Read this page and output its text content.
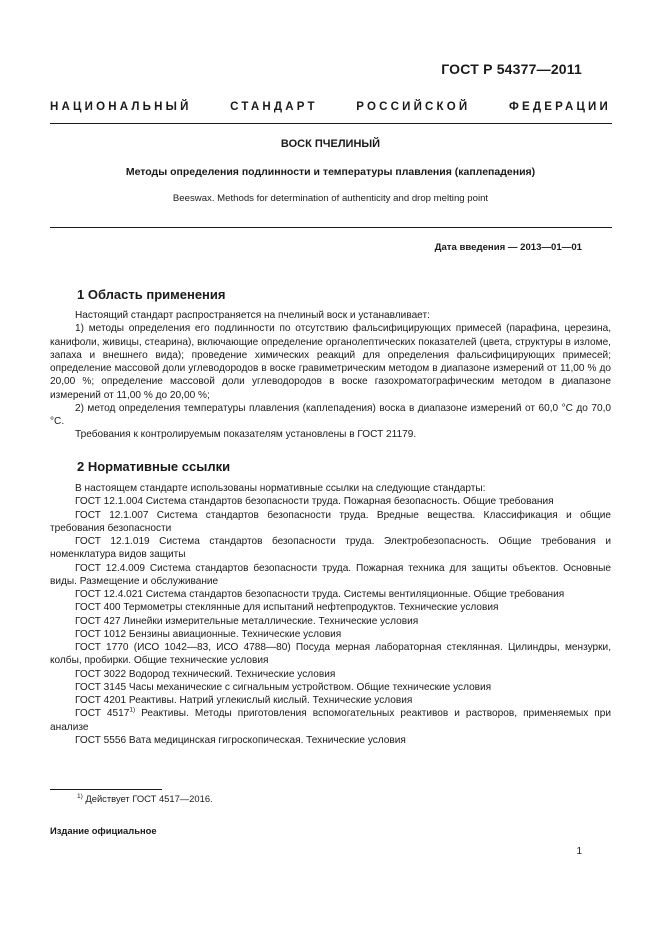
ГОСТ Р 54377—2011
НАЦИОНАЛЬНЫЙ СТАНДАРТ РОССИЙСКОЙ ФЕДЕРАЦИИ
ВОСК ПЧЕЛИНЫЙ
Методы определения подлинности и температуры плавления (каплепадения)
Beeswax. Methods for determination of authenticity and drop melting point
Дата введения — 2013—01—01
1 Область применения

Настоящий стандарт распространяется на пчелиный воск и устанавливает:

1) методы определения его подлинности по отсутствию фальсифицирующих примесей (парафина, церезина, канифоли, живицы, стеарина), включающие определение органолептических показателей (цвета, структуры в изломе, запаха и внешнего вида); проведение химических реакций для определения фальсифицирующих примесей; определение массовой доли углеводородов в воске гравиметрическим методом в диапазоне измерений от 11,00 % до 20,00 %; определение массовой доли углеводородов в воске газохроматографическим методом в диапазоне измерений от 11,00 % до 20,00 %;

2) метод определения температуры плавления (каплепадения) воска в диапазоне измерений от 60,0 °С до 70,0 °С.

Требования к контролируемым показателям установлены в ГОСТ 21179.

2 Нормативные ссылки

В настоящем стандарте использованы нормативные ссылки на следующие стандарты:

ГОСТ 12.1.004 Система стандартов безопасности труда. Пожарная безопасность. Общие требования

ГОСТ 12.1.007 Система стандартов безопасности труда. Вредные вещества. Классификация и общие требования безопасности

ГОСТ 12.1.019 Система стандартов безопасности труда. Электробезопасность. Общие требования и номенклатура видов защиты

ГОСТ 12.4.009 Система стандартов безопасности труда. Пожарная техника для защиты объектов. Основные виды. Размещение и обслуживание

ГОСТ 12.4.021 Система стандартов безопасности труда. Системы вентиляционные. Общие требования

ГОСТ 400 Термометры стеклянные для испытаний нефтепродуктов. Технические условия

ГОСТ 427 Линейки измерительные металлические. Технические условия

ГОСТ 1012 Бензины авиационные. Технические условия

ГОСТ 1770 (ИСО 1042—83, ИСО 4788—80) Посуда мерная лабораторная стеклянная. Цилиндры, мензурки, колбы, пробирки. Общие технические условия

ГОСТ 3022 Водород технический. Технические условия

ГОСТ 3145 Часы механические с сигнальным устройством. Общие технические условия

ГОСТ 4201 Реактивы. Натрий углекислый кислый. Технические условия

ГОСТ 4517$^{1)}$ Реактивы. Методы приготовления вспомогательных реактивов и растворов, применяемых при анализе

ГОСТ 5556 Вата медицинская гигроскопическая. Технические условия

$^{1)}$ Действует ГОСТ 4517—2016.
Издание официальное
1
